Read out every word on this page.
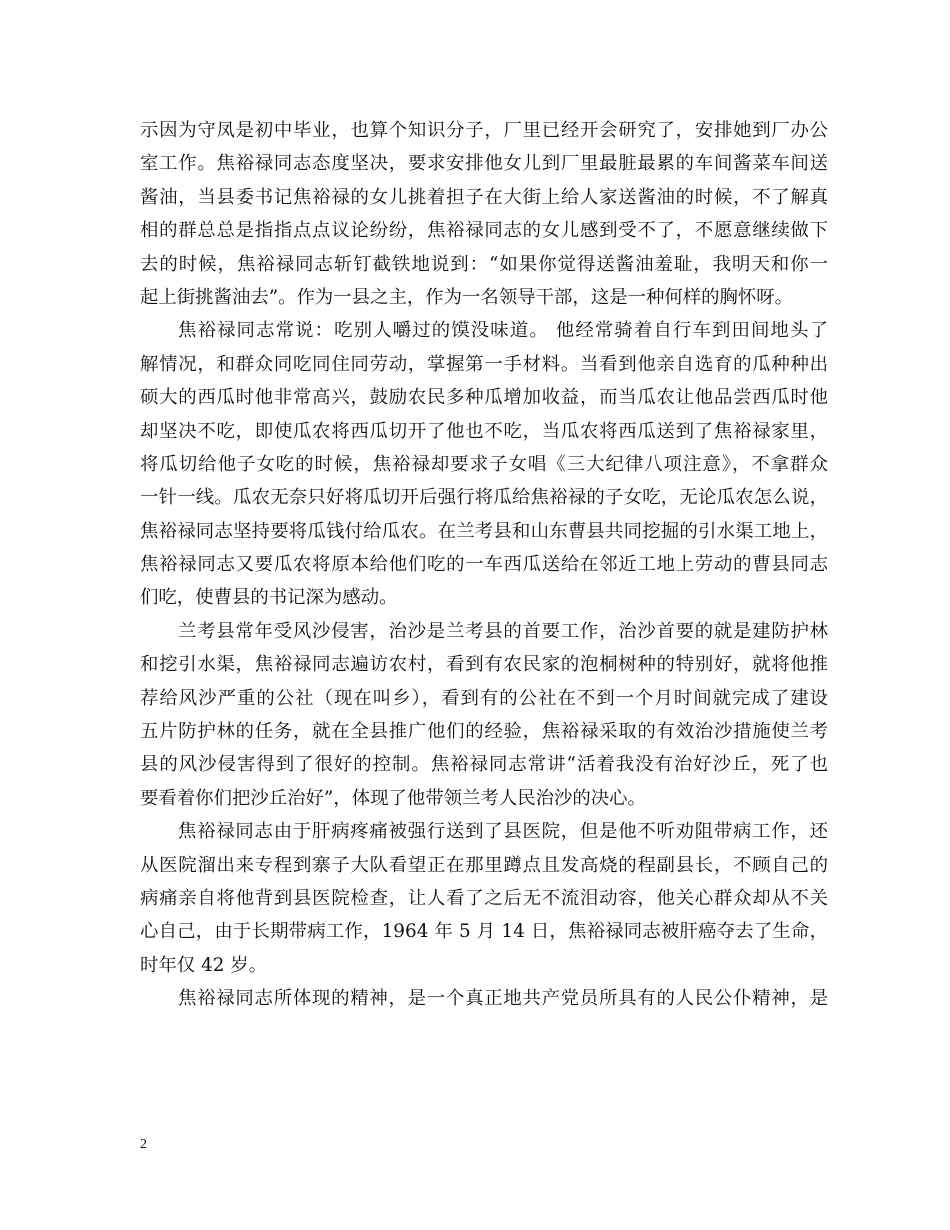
示因为守凤是初中毕业，也算个知识分子，厂里已经开会研究了，安排她到厂办公
室工作。焦裕禄同志态度坚决，要求安排他女儿到厂里最脏最累的车间酱菜车间送
酱油，当县委书记焦裕禄的女儿挑着担子在大街上给人家送酱油的时候，不了解真
相的群总总是指指点点议论纷纷，焦裕禄同志的女儿感到受不了，不愿意继续做下
去的时候，焦裕禄同志斩钉截铁地说到：“如果你觉得送酱油羞耻，我明天和你一
起上街挑酱油去”。作为一县之主，作为一名领导干部，这是一种何样的胸怀呀。
焦裕禄同志常说：吃别人嚼过的馍没味道。 他经常骑着自行车到田间地头了
解情况，和群众同吃同住同劳动，掌握第一手材料。当看到他亲自选育的瓜种种出
硕大的西瓜时他非常高兴，鼓励农民多种瓜增加收益，而当瓜农让他品尝西瓜时他
却坚决不吃，即使瓜农将西瓜切开了他也不吃，当瓜农将西瓜送到了焦裕禄家里，
将瓜切给他子女吃的时候，焦裕禄却要求子女唱《三大纪律八项注意》，不拿群众
一针一线。瓜农无奈只好将瓜切开后强行将瓜给焦裕禄的子女吃，无论瓜农怎么说，
焦裕禄同志坚持要将瓜钱付给瓜农。在兰考县和山东曹县共同挖掘的引水渠工地上，
焦裕禄同志又要瓜农将原本给他们吃的一车西瓜送给在邻近工地上劳动的曹县同志
们吃，使曹县的书记深为感动。
兰考县常年受风沙侵害，治沙是兰考县的首要工作，治沙首要的就是建防护林
和挖引水渠，焦裕禄同志遍访农村，看到有农民家的泡桐树种的特别好，就将他推
荐给风沙严重的公社（现在叫乡），看到有的公社在不到一个月时间就完成了建设
五片防护林的任务，就在全县推广他们的经验，焦裕禄采取的有效治沙措施使兰考
县的风沙侵害得到了很好的控制。焦裕禄同志常讲“活着我没有治好沙丘，死了也
要看着你们把沙丘治好”，体现了他带领兰考人民治沙的决心。
焦裕禄同志由于肝病疼痛被强行送到了县医院，但是他不听劝阻带病工作，还
从医院溜出来专程到寨子大队看望正在那里蹲点且发高烧的程副县长，不顾自己的
病痛亲自将他背到县医院检查，让人看了之后无不流泪动容，他关心群众却从不关
心自己，由于长期带病工作，1964 年 5 月 14 日，焦裕禄同志被肝癌夺去了生命，
时年仅 42 岁。
焦裕禄同志所体现的精神，是一个真正地共产党员所具有的人民公仆精神，是
2
